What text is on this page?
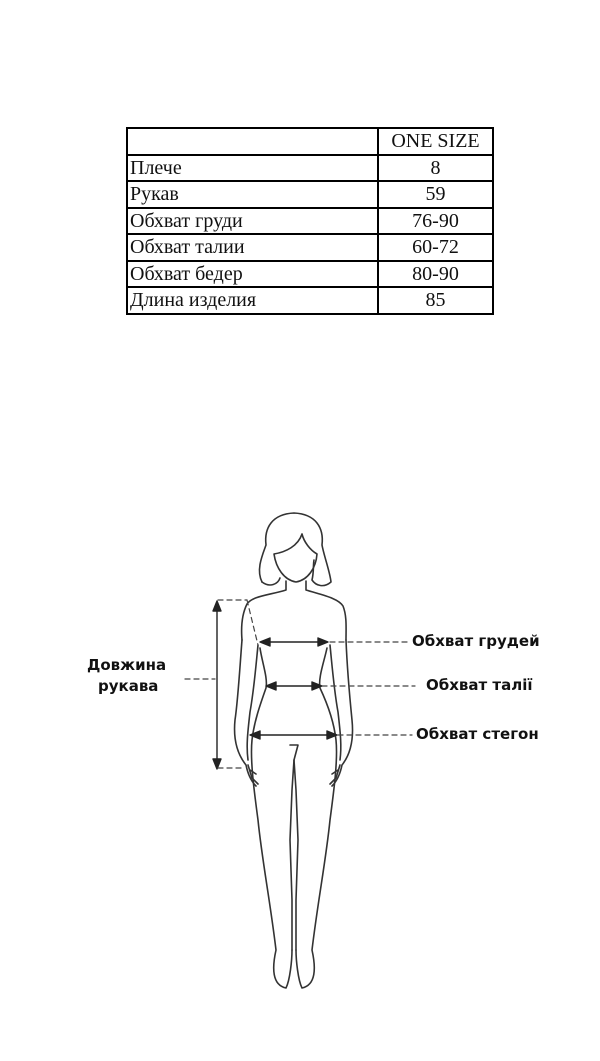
	ONE SIZE
Плече	8
Рукав	59
Обхват груди	76-90
Обхват талии	60-72
Обхват бедер	80-90
Длина изделия	85
Довжина
рукава
Обхват грудей
Обхват талії
Обхват стегон
